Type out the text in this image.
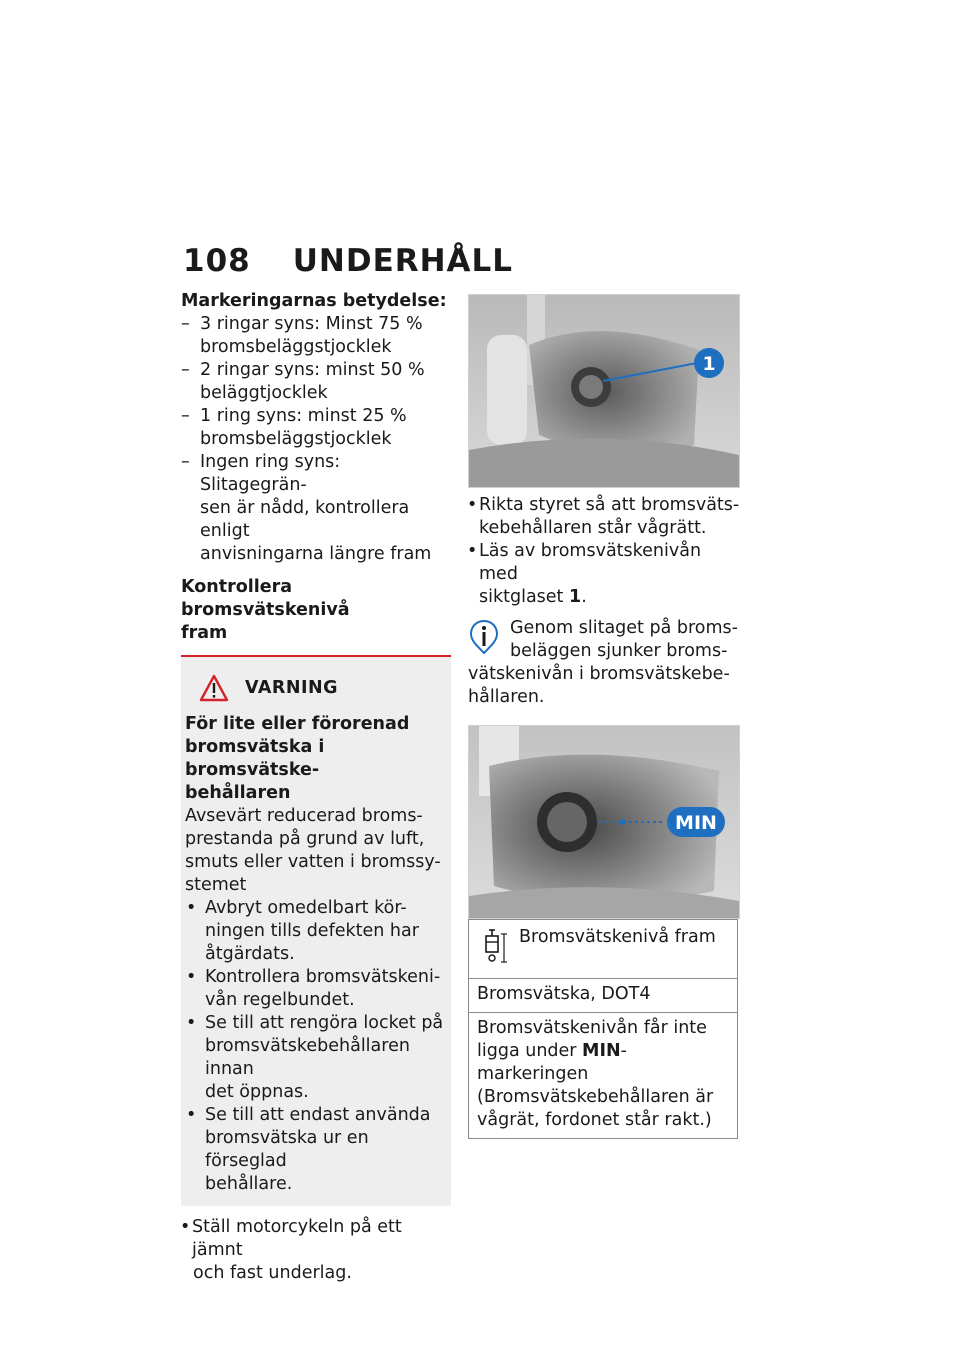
108 UNDERHÅLL
Markeringarnas betydelse:
– 3 ringar syns: Minst 75 %
bromsbeläggstjocklek
– 2 ringar syns: minst 50 %
beläggtjocklek
– 1 ring syns: minst 25 %
bromsbeläggstjocklek
– Ingen ring syns: Slitagegrän-
sen är nådd, kontrollera enligt
anvisningarna längre fram
Kontrollera bromsvätskenivå
fram
VARNING
För lite eller förorenad
bromsvätska i bromsvätske-
behållaren
Avsevärt reducerad broms-
prestanda på grund av luft,
smuts eller vatten i bromssy-
stemet
• Avbryt omedelbart kör-
ningen tills defekten har
åtgärdats.
• Kontrollera bromsvätskeni-
vån regelbundet.
• Se till att rengöra locket på
bromsvätskebehållaren innan
det öppnas.
• Se till att endast använda
bromsvätska ur en förseglad
behållare.
• Ställ motorcykeln på ett jämnt
och fast underlag.
1
• Rikta styret så att bromsväts-
kebehållaren står vågrätt.
• Läs av bromsvätskenivån med
siktglaset 1.
Genom slitaget på broms-
beläggen sjunker broms-
vätskenivån i bromsvätskebe-
hållaren.
MIN
Bromsvätskenivå fram

Bromsvätska, DOT4
Bromsvätskenivån får inte ligga under MIN-markeringen (Bromsvätskebehållaren är vågrät, fordonet står rakt.)
